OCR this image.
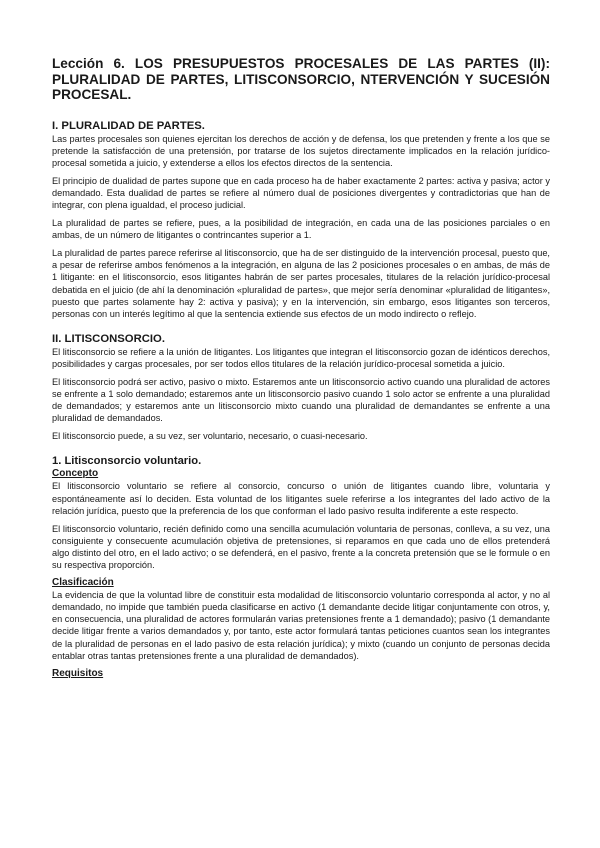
Lección 6. LOS PRESUPUESTOS PROCESALES DE LAS PARTES (II): PLURALIDAD DE PARTES, LITISCONSORCIO, NTERVENCIÓN Y SUCESIÓN PROCESAL.
I. PLURALIDAD DE PARTES.

Las partes procesales son quienes ejercitan los derechos de acción y de defensa, los que pretenden y frente a los que se pretende la satisfacción de una pretensión, por tratarse de los sujetos directamente implicados en la relación jurídico-procesal sometida a juicio, y extenderse a ellos los efectos directos de la sentencia.

El principio de dualidad de partes supone que en cada proceso ha de haber exactamente 2 partes: activa y pasiva; actor y demandado. Esta dualidad de partes se refiere al número dual de posiciones divergentes y contradictorias que han de integrar, con plena igualdad, el proceso judicial.

La pluralidad de partes se refiere, pues, a la posibilidad de integración, en cada una de las posiciones parciales o en ambas, de un número de litigantes o contrincantes superior a 1.

La pluralidad de partes parece referirse al litisconsorcio, que ha de ser distinguido de la intervención procesal, puesto que, a pesar de referirse ambos fenómenos a la integración, en alguna de las 2 posiciones procesales o en ambas, de más de 1 litigante: en el litisconsorcio, esos litigantes habrán de ser partes procesales, titulares de la relación jurídico-procesal debatida en el juicio (de ahí la denominación «pluralidad de partes», que mejor sería denominar «pluralidad de litigantes», puesto que partes solamente hay 2: activa y pasiva); y en la intervención, sin embargo, esos litigantes son terceros, personas con un interés legítimo al que la sentencia extiende sus efectos de un modo indirecto o reflejo.

II. LITISCONSORCIO.

El litisconsorcio se refiere a la unión de litigantes. Los litigantes que integran el litisconsorcio gozan de idénticos derechos, posibilidades y cargas procesales, por ser todos ellos titulares de la relación jurídico-procesal sometida a juicio.

El litisconsorcio podrá ser activo, pasivo o mixto. Estaremos ante un litisconsorcio activo cuando una pluralidad de actores se enfrente a 1 solo demandado; estaremos ante un litisconsorcio pasivo cuando 1 solo actor se enfrente a una pluralidad de demandados; y estaremos ante un litisconsorcio mixto cuando una pluralidad de demandantes se enfrente a una pluralidad de demandados.

El litisconsorcio puede, a su vez, ser voluntario, necesario, o cuasi-necesario.

1. Litisconsorcio voluntario.
Concepto

El litisconsorcio voluntario se refiere al consorcio, concurso o unión de litigantes cuando libre, voluntaria y espontáneamente así lo deciden. Esta voluntad de los litigantes suele referirse a los integrantes del lado activo de la relación jurídica, puesto que la preferencia de los que conforman el lado pasivo resulta indiferente a este respecto.

El litisconsorcio voluntario, recién definido como una sencilla acumulación voluntaria de personas, conlleva, a su vez, una consiguiente y consecuente acumulación objetiva de pretensiones, si reparamos en que cada uno de ellos pretenderá algo distinto del otro, en el lado activo; o se defenderá, en el pasivo, frente a la concreta pretensión que se le formule o en su respectiva proporción.

Clasificación

La evidencia de que la voluntad libre de constituir esta modalidad de litisconsorcio voluntario corresponda al actor, y no al demandado, no impide que también pueda clasificarse en activo (1 demandante decide litigar conjuntamente con otros, y, en consecuencia, una pluralidad de actores formularán varias pretensiones frente a 1 demandado); pasivo (1 demandante decide litigar frente a varios demandados y, por tanto, este actor formulará tantas peticiones cuantos sean los integrantes de la pluralidad de personas en el lado pasivo de esta relación jurídica); y mixto (cuando un conjunto de personas decida entablar otras tantas pretensiones frente a una pluralidad de demandados).

Requisitos
